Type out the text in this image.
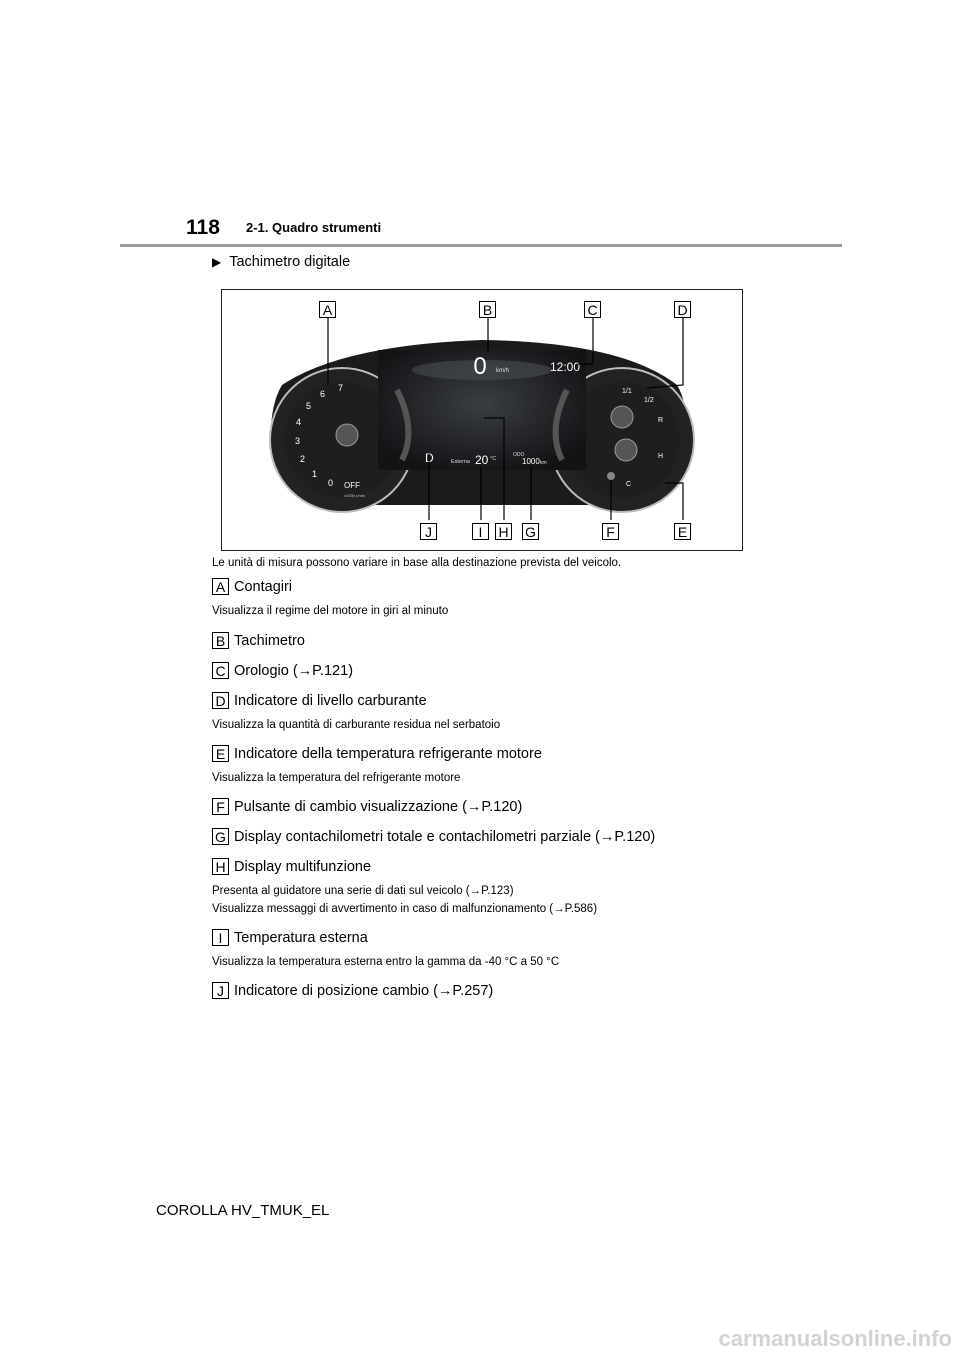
118 2-1. Quadro strumenti
▶ Tachimetro digitale
0 km/h	12:00
D	Esterna 20 °C
ODO
1000 km
0
1
2
3
4
5
6
7
OFF
x1000 r/min
1/1
1/2
R
H
C
A	B	C	D
J	I	H G	F	E
Le unità di misura possono variare in base alla destinazione prevista del veicolo.
A Contagiri
Visualizza il regime del motore in giri al minuto
B Tachimetro
C Orologio (→P.121)
D Indicatore di livello carburante
Visualizza la quantità di carburante residua nel serbatoio
E Indicatore della temperatura refrigerante motore
Visualizza la temperatura del refrigerante motore
F Pulsante di cambio visualizzazione (→P.120)
G Display contachilometri totale e contachilometri parziale (→P.120)
H Display multifunzione
Presenta al guidatore una serie di dati sul veicolo (→P.123)
Visualizza messaggi di avvertimento in caso di malfunzionamento (→P.586)
I Temperatura esterna
Visualizza la temperatura esterna entro la gamma da -40 °C a 50 °C
J Indicatore di posizione cambio (→P.257)
COROLLA HV_TMUK_EL
carmanualsonline.info
